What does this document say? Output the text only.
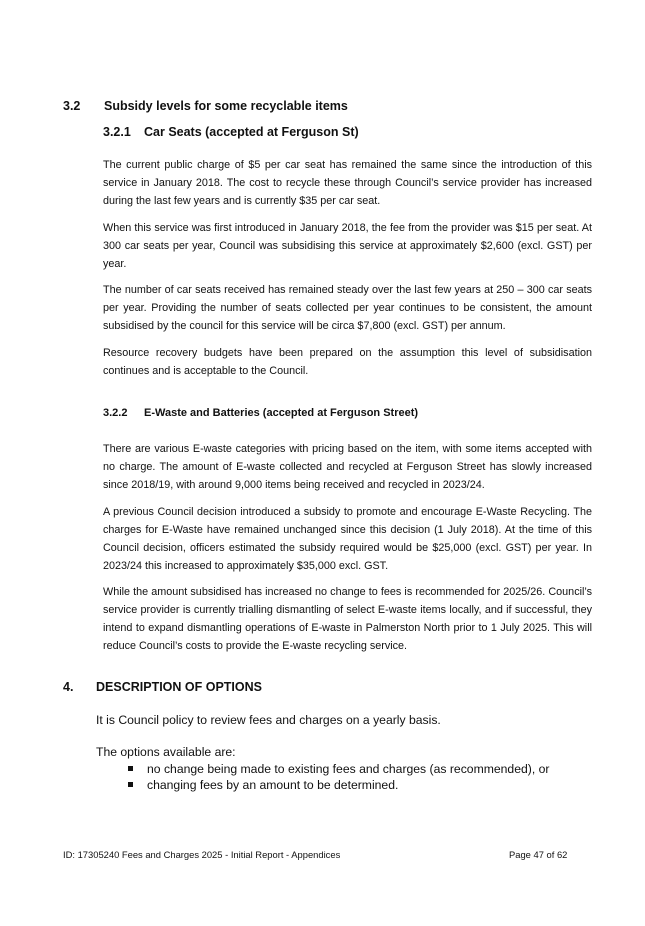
3.2 Subsidy levels for some recyclable items
3.2.1 Car Seats (accepted at Ferguson St)

The current public charge of $5 per car seat has remained the same since the introduction of this service in January 2018. The cost to recycle these through Council’s service provider has increased during the last few years and is currently $35 per car seat.

When this service was first introduced in January 2018, the fee from the provider was $15 per seat. At 300 car seats per year, Council was subsidising this service at approximately $2,600 (excl. GST) per year.

The number of car seats received has remained steady over the last few years at 250 – 300 car seats per year. Providing the number of seats collected per year continues to be consistent, the amount subsidised by the council for this service will be circa $7,800 (excl. GST) per annum.

Resource recovery budgets have been prepared on the assumption this level of subsidisation continues and is acceptable to the Council.

3.2.2 E-Waste and Batteries (accepted at Ferguson Street)

There are various E-waste categories with pricing based on the item, with some items accepted with no charge. The amount of E-waste collected and recycled at Ferguson Street has slowly increased since 2018/19, with around 9,000 items being received and recycled in 2023/24.

A previous Council decision introduced a subsidy to promote and encourage E-Waste Recycling. The charges for E-Waste have remained unchanged since this decision (1 July 2018). At the time of this Council decision, officers estimated the subsidy required would be $25,000 (excl. GST) per year. In 2023/24 this increased to approximately $35,000 excl. GST.

While the amount subsidised has increased no change to fees is recommended for 2025/26. Council’s service provider is currently trialling dismantling of select E-waste items locally, and if successful, they intend to expand dismantling operations of E-waste in Palmerston North prior to 1 July 2025. This will reduce Council’s costs to provide the E-waste recycling service.

4. DESCRIPTION OF OPTIONS

It is Council policy to review fees and charges on a yearly basis.

The options available are:

no change being made to existing fees and charges (as recommended), or
changing fees by an amount to be determined.
ID: 17305240 Fees and Charges 2025 - Initial Report - Appendices	Page 47 of 62
